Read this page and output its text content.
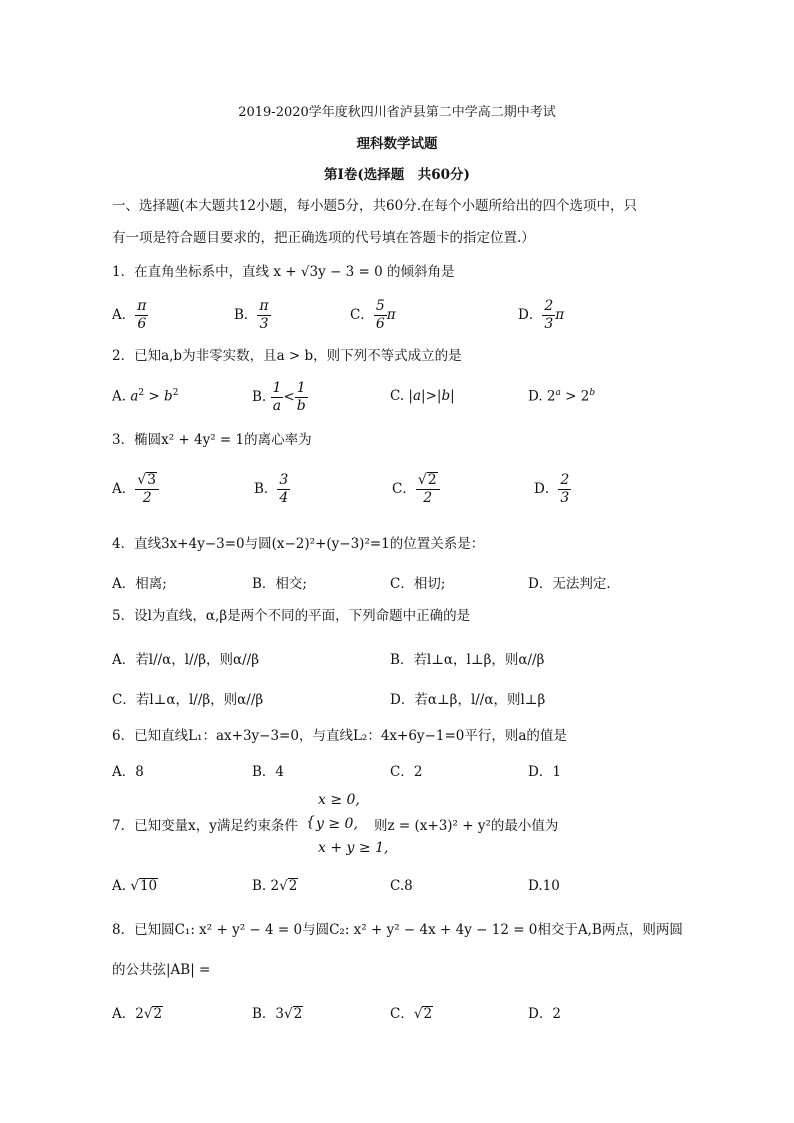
2019-2020学年度秋四川省泸县第二中学高二期中考试
理科数学试题
第I卷(选择题　共60分)
一、选择题(本大题共12小题，每小题5分，共60分.在每个小题所给出的四个选项中，只
有一项是符合题目要求的，把正确选项的代号填在答题卡的指定位置.）
1．在直角坐标系中，直线 x + √3y − 3 = 0 的倾斜角是
A． $\frac{\pi}{6}$	B． $\frac{\pi}{3}$	C． $\frac{5}{6}$ π	D． $\frac{2}{3}$ π
2．已知a,b为非零实数，且a > b，则下列不等式成立的是
A. $a^2 > b^2$	B. $\frac{1}{a} < \frac{1}{b}$	C. |a|>|b|	D. $2^a > 2^b$
3．椭圆x² + 4y² = 1的离心率为
A． $\frac{√3}{2}$	B． $\frac{3}{4}$	C． $\frac{√2}{2}$	D． $\frac{2}{3}$
4．直线3x+4y−3=0与圆(x−2)²+(y−3)²=1的位置关系是：
A．相离;	B．相交;	C．相切;	D．无法判定.
5．设l为直线，α,β是两个不同的平面，下列命题中正确的是
A．若l//α，l//β，则α//β	B．若l⊥α，l⊥β，则α//β
C．若l⊥α，l//β，则α//β	D．若α⊥β，l//α，则l⊥β
6．已知直线L₁：ax+3y−3=0，与直线L₂：4x+6y−1=0平行，则a的值是
A．8	B．4	C．2	D．1
x ≥ 0,
7．已知变量x，y满足约束条件 { y ≥ 0, 则z = (x+3)² + y²的最小值为
x + y ≥ 1,
A. √10	B. 2√2	C.8	D.10
8．已知圆C₁: x² + y² − 4 = 0与圆C₂: x² + y² − 4x + 4y − 12 = 0相交于A,B两点，则两圆
的公共弦|AB| =
A．2√2	B．3√2	C．√2	D．2
